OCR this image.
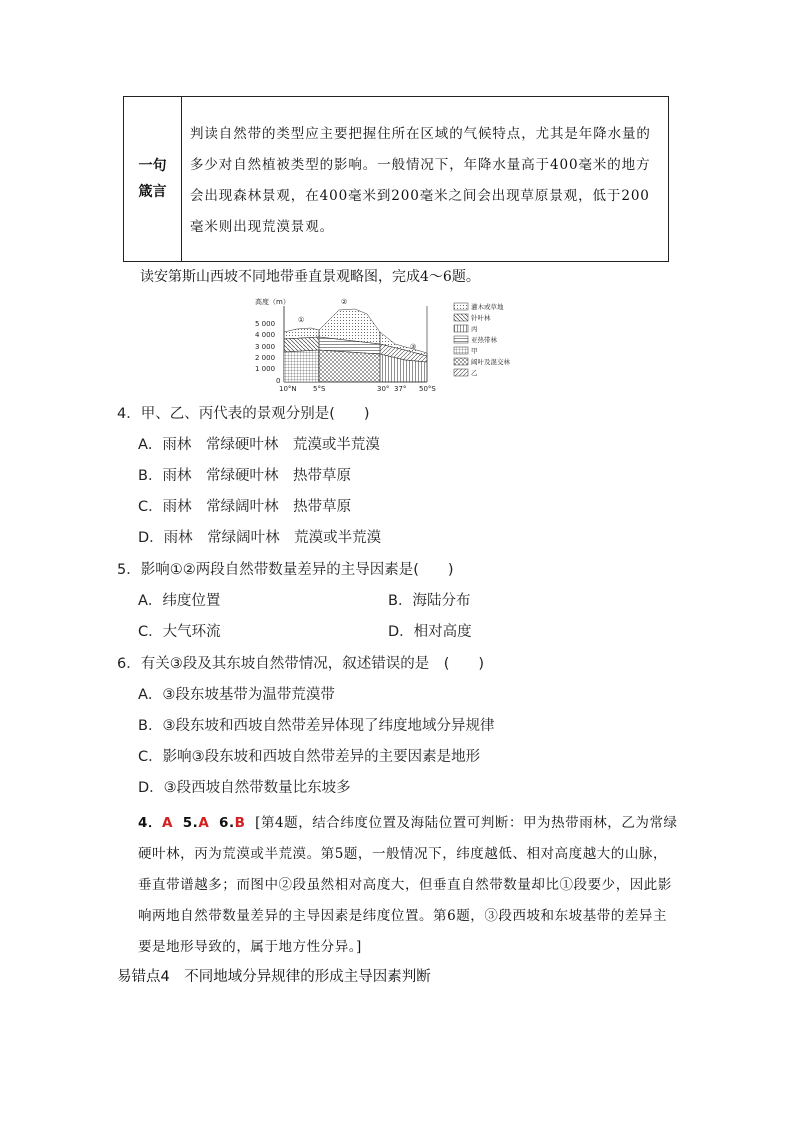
一句
箴言
判读自然带的类型应主要把握住所在区域的气候特点，尤其是年降水量的多少对自然植被类型的影响。一般情况下，年降水量高于400毫米的地方会出现森林景观，在400毫米到200毫米之间会出现草原景观，低于200毫米则出现荒漠景观。
读安第斯山西坡不同地带垂直景观略图，完成4～6题。
高度（m）
5 000
4 000
3 000
2 000
1 000
0
①
②
③
10°N 5°S	30° 37° 50°S
灌木或草地
针叶林
丙
亚热带林
甲
阔叶及混交林
乙
4．甲、乙、丙代表的景观分别是(　　)
A．雨林　常绿硬叶林　荒漠或半荒漠
B．雨林　常绿硬叶林　热带草原
C．雨林　常绿阔叶林　热带草原
D．雨林　常绿阔叶林　荒漠或半荒漠
5．影响①②两段自然带数量差异的主导因素是(　　)
A．纬度位置	B．海陆分布
C．大气环流	D．相对高度
6．有关③段及其东坡自然带情况，叙述错误的是　(　　)
A．③段东坡基带为温带荒漠带
B．③段东坡和西坡自然带差异体现了纬度地域分异规律
C．影响③段东坡和西坡自然带差异的主要因素是地形
D．③段西坡自然带数量比东坡多
4．A 5.A 6.B [第4题，结合纬度位置及海陆位置可判断：甲为热带雨林，乙为常绿硬叶林，丙为荒漠或半荒漠。第5题，一般情况下，纬度越低、相对高度越大的山脉，垂直带谱越多；而图中②段虽然相对高度大，但垂直自然带数量却比①段要少，因此影响两地自然带数量差异的主导因素是纬度位置。第6题，③段西坡和东坡基带的差异主要是地形导致的，属于地方性分异。]
易错点4　不同地域分异规律的形成主导因素判断
